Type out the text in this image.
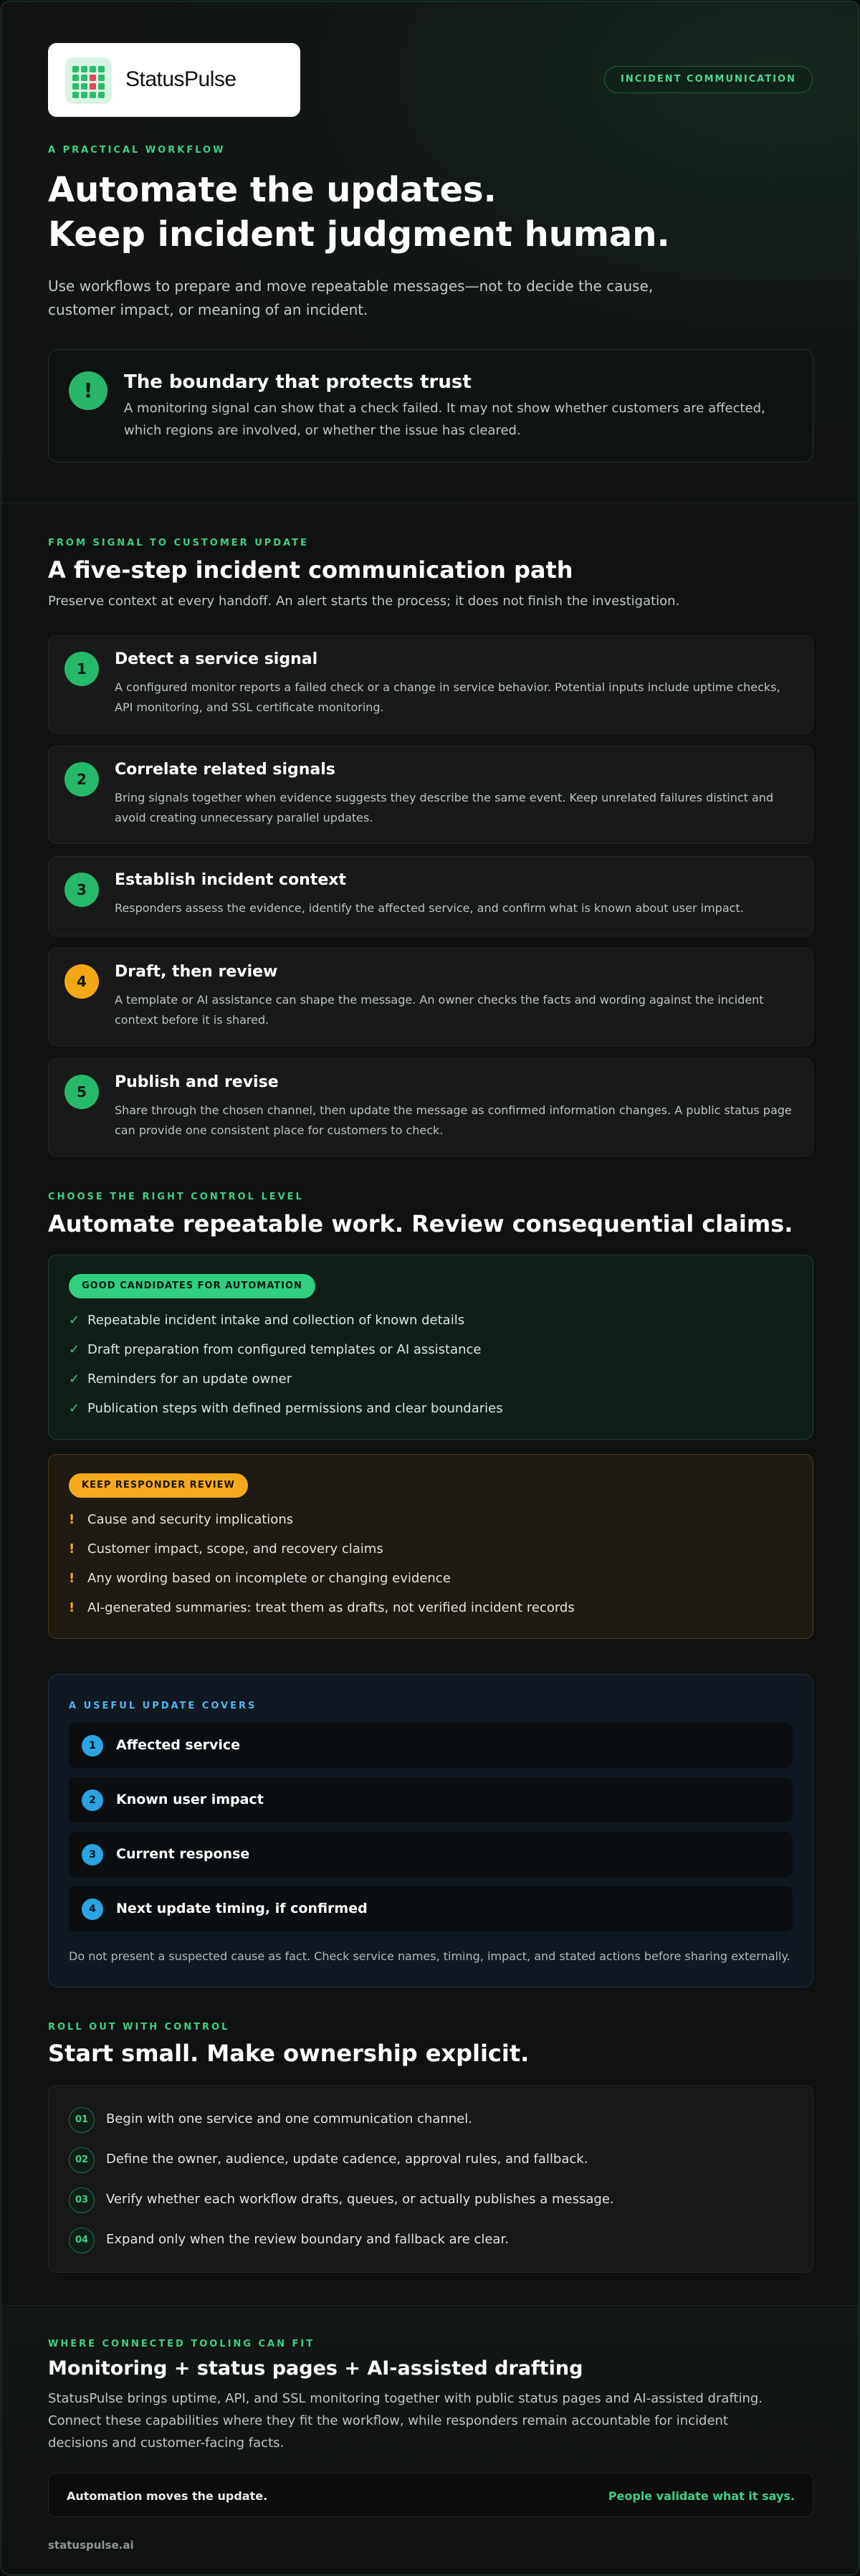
StatusPulse	INCIDENT COMMUNICATION
A PRACTICAL WORKFLOW
Automate the updates.
Keep incident judgment human.
Use workflows to prepare and move repeatable messages—not to decide the cause, customer impact, or meaning of an incident.
!	The boundary that protects trust
A monitoring signal can show that a check failed. It may not show whether customers are affected, which regions are involved, or whether the issue has cleared.
FROM SIGNAL TO CUSTOMER UPDATE
A five-step incident communication path
Preserve context at every handoff. An alert starts the process; it does not finish the investigation.
1
Detect a service signal
A configured monitor reports a failed check or a change in service behavior. Potential inputs include uptime checks, API monitoring, and SSL certificate monitoring.
2
Correlate related signals
Bring signals together when evidence suggests they describe the same event. Keep unrelated failures distinct and avoid creating unnecessary parallel updates.
3
Establish incident context
Responders assess the evidence, identify the affected service, and confirm what is known about user impact.
4
Draft, then review
A template or AI assistance can shape the message. An owner checks the facts and wording against the incident context before it is shared.
5
Publish and revise
Share through the chosen channel, then update the message as confirmed information changes. A public status page can provide one consistent place for customers to check.
CHOOSE THE RIGHT CONTROL LEVEL
Automate repeatable work. Review consequential claims.
GOOD CANDIDATES FOR AUTOMATION
✓ Repeatable incident intake and collection of known details
✓ Draft preparation from configured templates or AI assistance
✓ Reminders for an update owner
✓ Publication steps with defined permissions and clear boundaries
KEEP RESPONDER REVIEW
! Cause and security implications
! Customer impact, scope, and recovery claims
! Any wording based on incomplete or changing evidence
! AI-generated summaries: treat them as drafts, not verified incident records
A USEFUL UPDATE COVERS
1	Affected service
2	Known user impact
3	Current response
4	Next update timing, if confirmed
Do not present a suspected cause as fact. Check service names, timing, impact, and stated actions before sharing externally.
ROLL OUT WITH CONTROL
Start small. Make ownership explicit.
01	Begin with one service and one communication channel.
02	Define the owner, audience, update cadence, approval rules, and fallback.
03	Verify whether each workflow drafts, queues, or actually publishes a message.
04	Expand only when the review boundary and fallback are clear.
WHERE CONNECTED TOOLING CAN FIT
Monitoring + status pages + AI-assisted drafting
StatusPulse brings uptime, API, and SSL monitoring together with public status pages and AI-assisted drafting. Connect these capabilities where they fit the workflow, while responders remain accountable for incident decisions and customer-facing facts.
Automation moves the update.	People validate what it says.
statuspulse.ai
